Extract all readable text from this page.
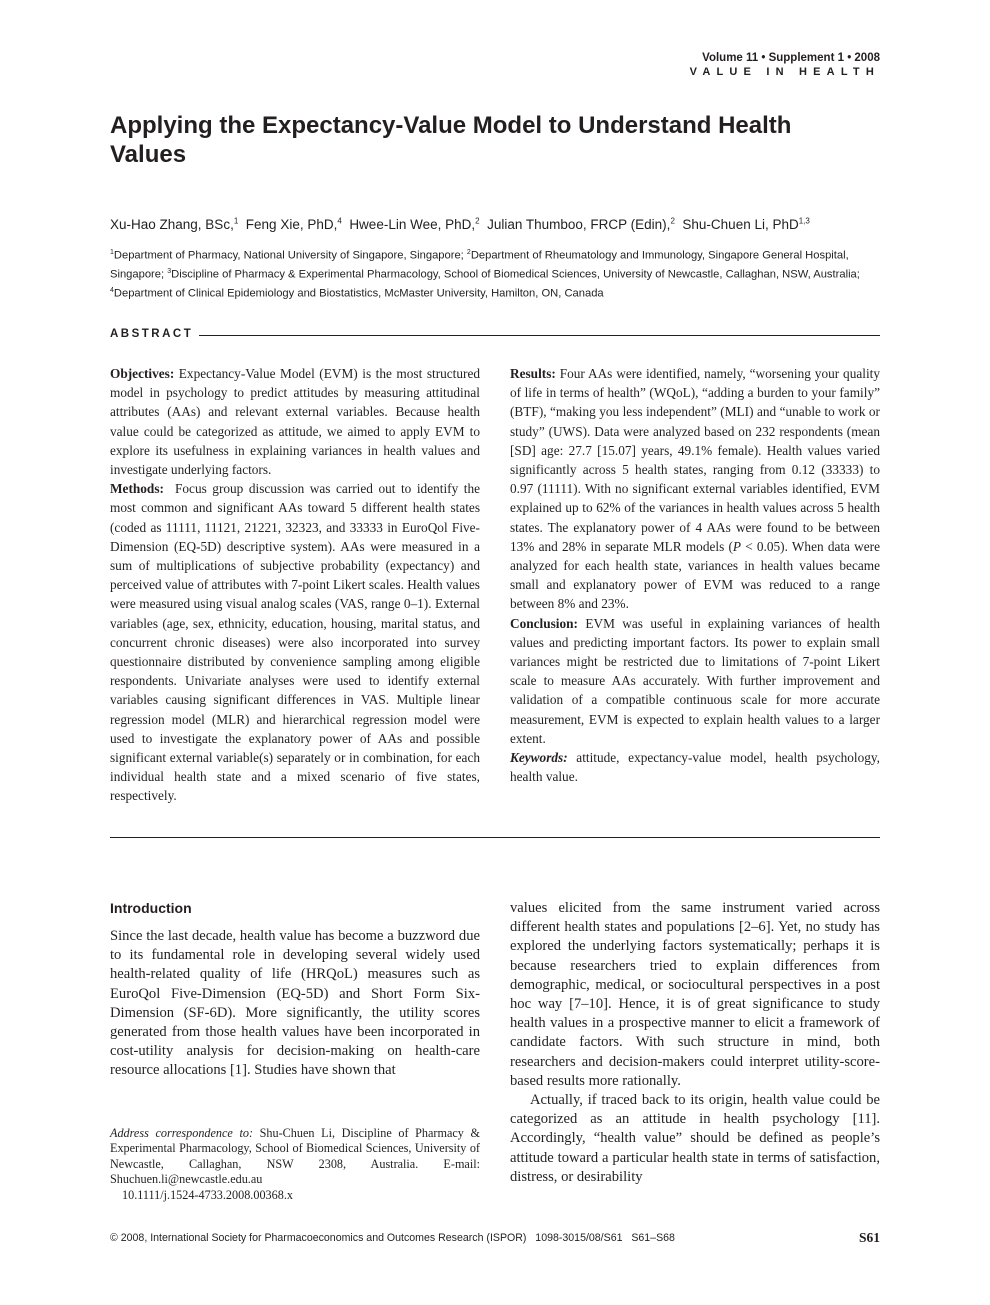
Volume 11 • Supplement 1 • 2008
VALUE IN HEALTH
Applying the Expectancy-Value Model to Understand Health Values
Xu-Hao Zhang, BSc,$^1$ Feng Xie, PhD,$^4$ Hwee-Lin Wee, PhD,$^2$ Julian Thumboo, FRCP (Edin),$^2$ Shu-Chuen Li, PhD$^{1,3}$
$^1$Department of Pharmacy, National University of Singapore, Singapore; $^2$Department of Rheumatology and Immunology, Singapore General Hospital, Singapore; $^3$Discipline of Pharmacy & Experimental Pharmacology, School of Biomedical Sciences, University of Newcastle, Callaghan, NSW, Australia; $^4$Department of Clinical Epidemiology and Biostatistics, McMaster University, Hamilton, ON, Canada
ABSTRACT

Objectives: Expectancy-Value Model (EVM) is the most structured model in psychology to predict attitudes by measuring attitudinal attributes (AAs) and relevant external variables. Because health value could be categorized as attitude, we aimed to apply EVM to explore its usefulness in explaining variances in health values and investigate underlying factors.

Methods: Focus group discussion was carried out to identify the most common and significant AAs toward 5 different health states (coded as 11111, 11121, 21221, 32323, and 33333 in EuroQol Five-Dimension (EQ-5D) descriptive system). AAs were measured in a sum of multiplications of subjective probability (expectancy) and perceived value of attributes with 7-point Likert scales. Health values were measured using visual analog scales (VAS, range 0–1). External variables (age, sex, ethnicity, education, housing, marital status, and concurrent chronic diseases) were also incorporated into survey questionnaire distributed by convenience sampling among eligible respondents. Univariate analyses were used to identify external variables causing significant differences in VAS. Multiple linear regression model (MLR) and hierarchical regression model were used to investigate the explanatory power of AAs and possible significant external variable(s) separately or in combination, for each individual health state and a mixed scenario of five states, respectively.

Results: Four AAs were identified, namely, “worsening your quality of life in terms of health” (WQoL), “adding a burden to your family” (BTF), “making you less independent” (MLI) and “unable to work or study” (UWS). Data were analyzed based on 232 respondents (mean [SD] age: 27.7 [15.07] years, 49.1% female). Health values varied significantly across 5 health states, ranging from 0.12 (33333) to 0.97 (11111). With no significant external variables identified, EVM explained up to 62% of the variances in health values across 5 health states. The explanatory power of 4 AAs were found to be between 13% and 28% in separate MLR models (P < 0.05). When data were analyzed for each health state, variances in health values became small and explanatory power of EVM was reduced to a range between 8% and 23%.

Conclusion: EVM was useful in explaining variances of health values and predicting important factors. Its power to explain small variances might be restricted due to limitations of 7-point Likert scale to measure AAs accurately. With further improvement and validation of a compatible continuous scale for more accurate measurement, EVM is expected to explain health values to a larger extent.

Keywords: attitude, expectancy-value model, health psychology, health value.

Introduction

Since the last decade, health value has become a buzzword due to its fundamental role in developing several widely used health-related quality of life (HRQoL) measures such as EuroQol Five-Dimension (EQ-5D) and Short Form Six-Dimension (SF-6D). More significantly, the utility scores generated from those health values have been incorporated in cost-utility analysis for decision-making on health-care resource allocations [1]. Studies have shown that

values elicited from the same instrument varied across different health states and populations [2–6]. Yet, no study has explored the underlying factors systematically; perhaps it is because researchers tried to explain differences from demographic, medical, or sociocultural perspectives in a post hoc way [7–10]. Hence, it is of great significance to study health values in a prospective manner to elicit a framework of candidate factors. With such structure in mind, both researchers and decision-makers could interpret utility-score-based results more rationally.

Actually, if traced back to its origin, health value could be categorized as an attitude in health psychology [11]. Accordingly, “health value” should be defined as people’s attitude toward a particular health state in terms of satisfaction, distress, or desirability

Address correspondence to: Shu-Chuen Li, Discipline of Pharmacy & Experimental Pharmacology, School of Biomedical Sciences, University of Newcastle, Callaghan, NSW 2308, Australia. E-mail: Shuchuen.li@newcastle.edu.au
10.1111/j.1524-4733.2008.00368.x
© 2008, International Society for Pharmacoeconomics and Outcomes Research (ISPOR) 1098-3015/08/S61 S61–S68	S61
